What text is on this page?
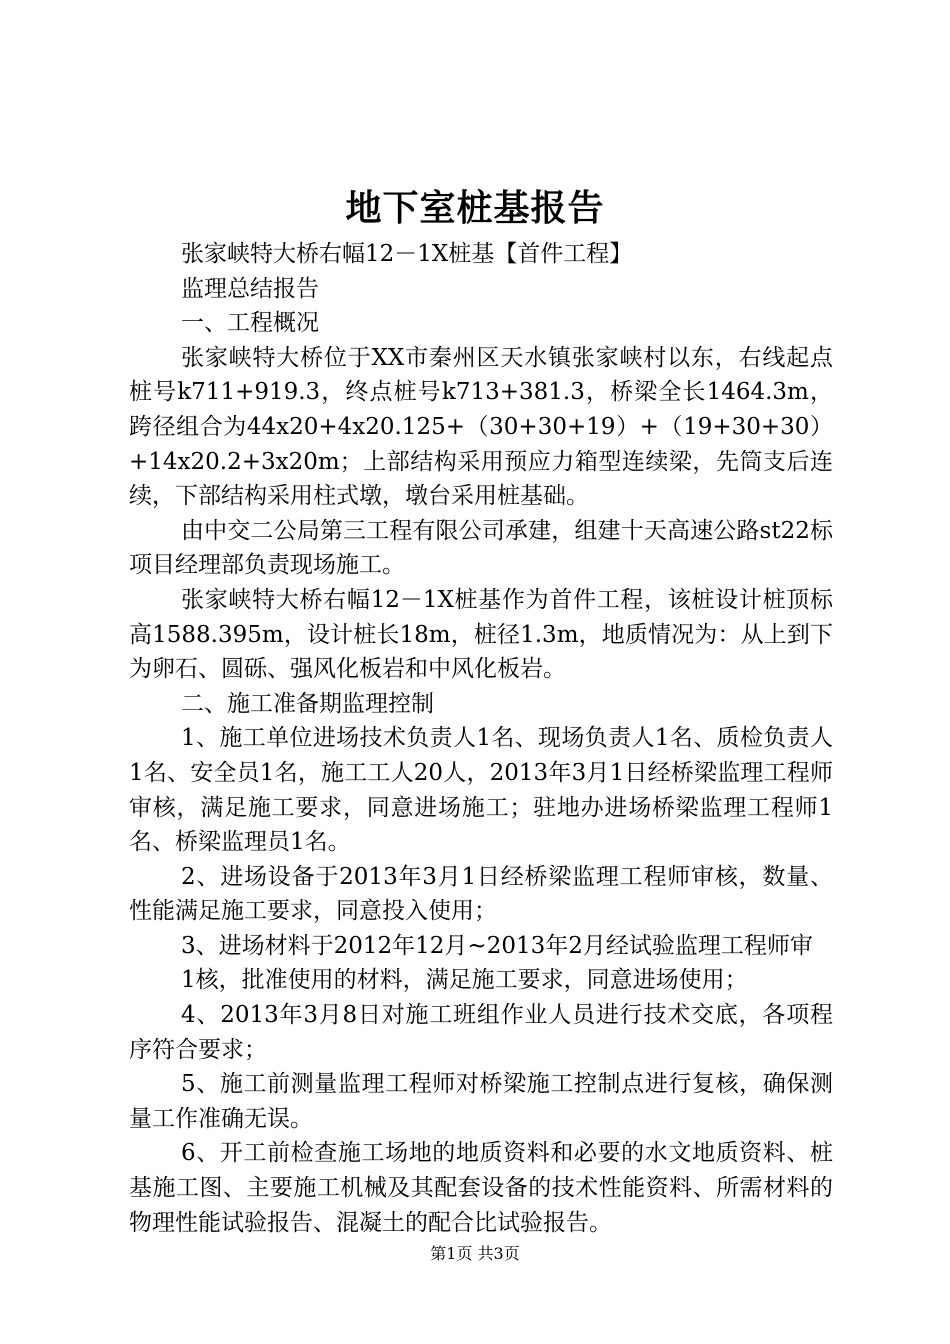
地下室桩基报告

张家峡特大桥右幅12－1X桩基【首件工程】

监理总结报告

一、工程概况

张家峡特大桥位于XX市秦州区天水镇张家峡村以东，右线起点桩号k711+919.3，终点桩号k713+381.3，桥梁全长1464.3m，跨径组合为44x20+4x20.125+（30+30+19）+（19+30+30）+14x20.2+3x20m；上部结构采用预应力箱型连续梁，先筒支后连续，下部结构采用柱式墩，墩台采用桩基础。

由中交二公局第三工程有限公司承建，组建十天高速公路st22标项目经理部负责现场施工。

张家峡特大桥右幅12－1X桩基作为首件工程，该桩设计桩顶标高1588.395m，设计桩长18m，桩径1.3m，地质情况为：从上到下为卵石、圆砾、强风化板岩和中风化板岩。

二、施工准备期监理控制

1、施工单位进场技术负责人1名、现场负责人1名、质检负责人1名、安全员1名，施工工人20人，2013年3月1日经桥梁监理工程师审核，满足施工要求，同意进场施工；驻地办进场桥梁监理工程师1名、桥梁监理员1名。

2、进场设备于2013年3月1日经桥梁监理工程师审核，数量、性能满足施工要求，同意投入使用；

3、进场材料于2012年12月~2013年2月经试验监理工程师审

1核，批准使用的材料，满足施工要求，同意进场使用；

4、2013年3月8日对施工班组作业人员进行技术交底，各项程序符合要求；

5、施工前测量监理工程师对桥梁施工控制点进行复核，确保测量工作准确无误。

6、开工前检查施工场地的地质资料和必要的水文地质资料、桩基施工图、主要施工机械及其配套设备的技术性能资料、所需材料的物理性能试验报告、混凝土的配合比试验报告。

第1页 共3页
